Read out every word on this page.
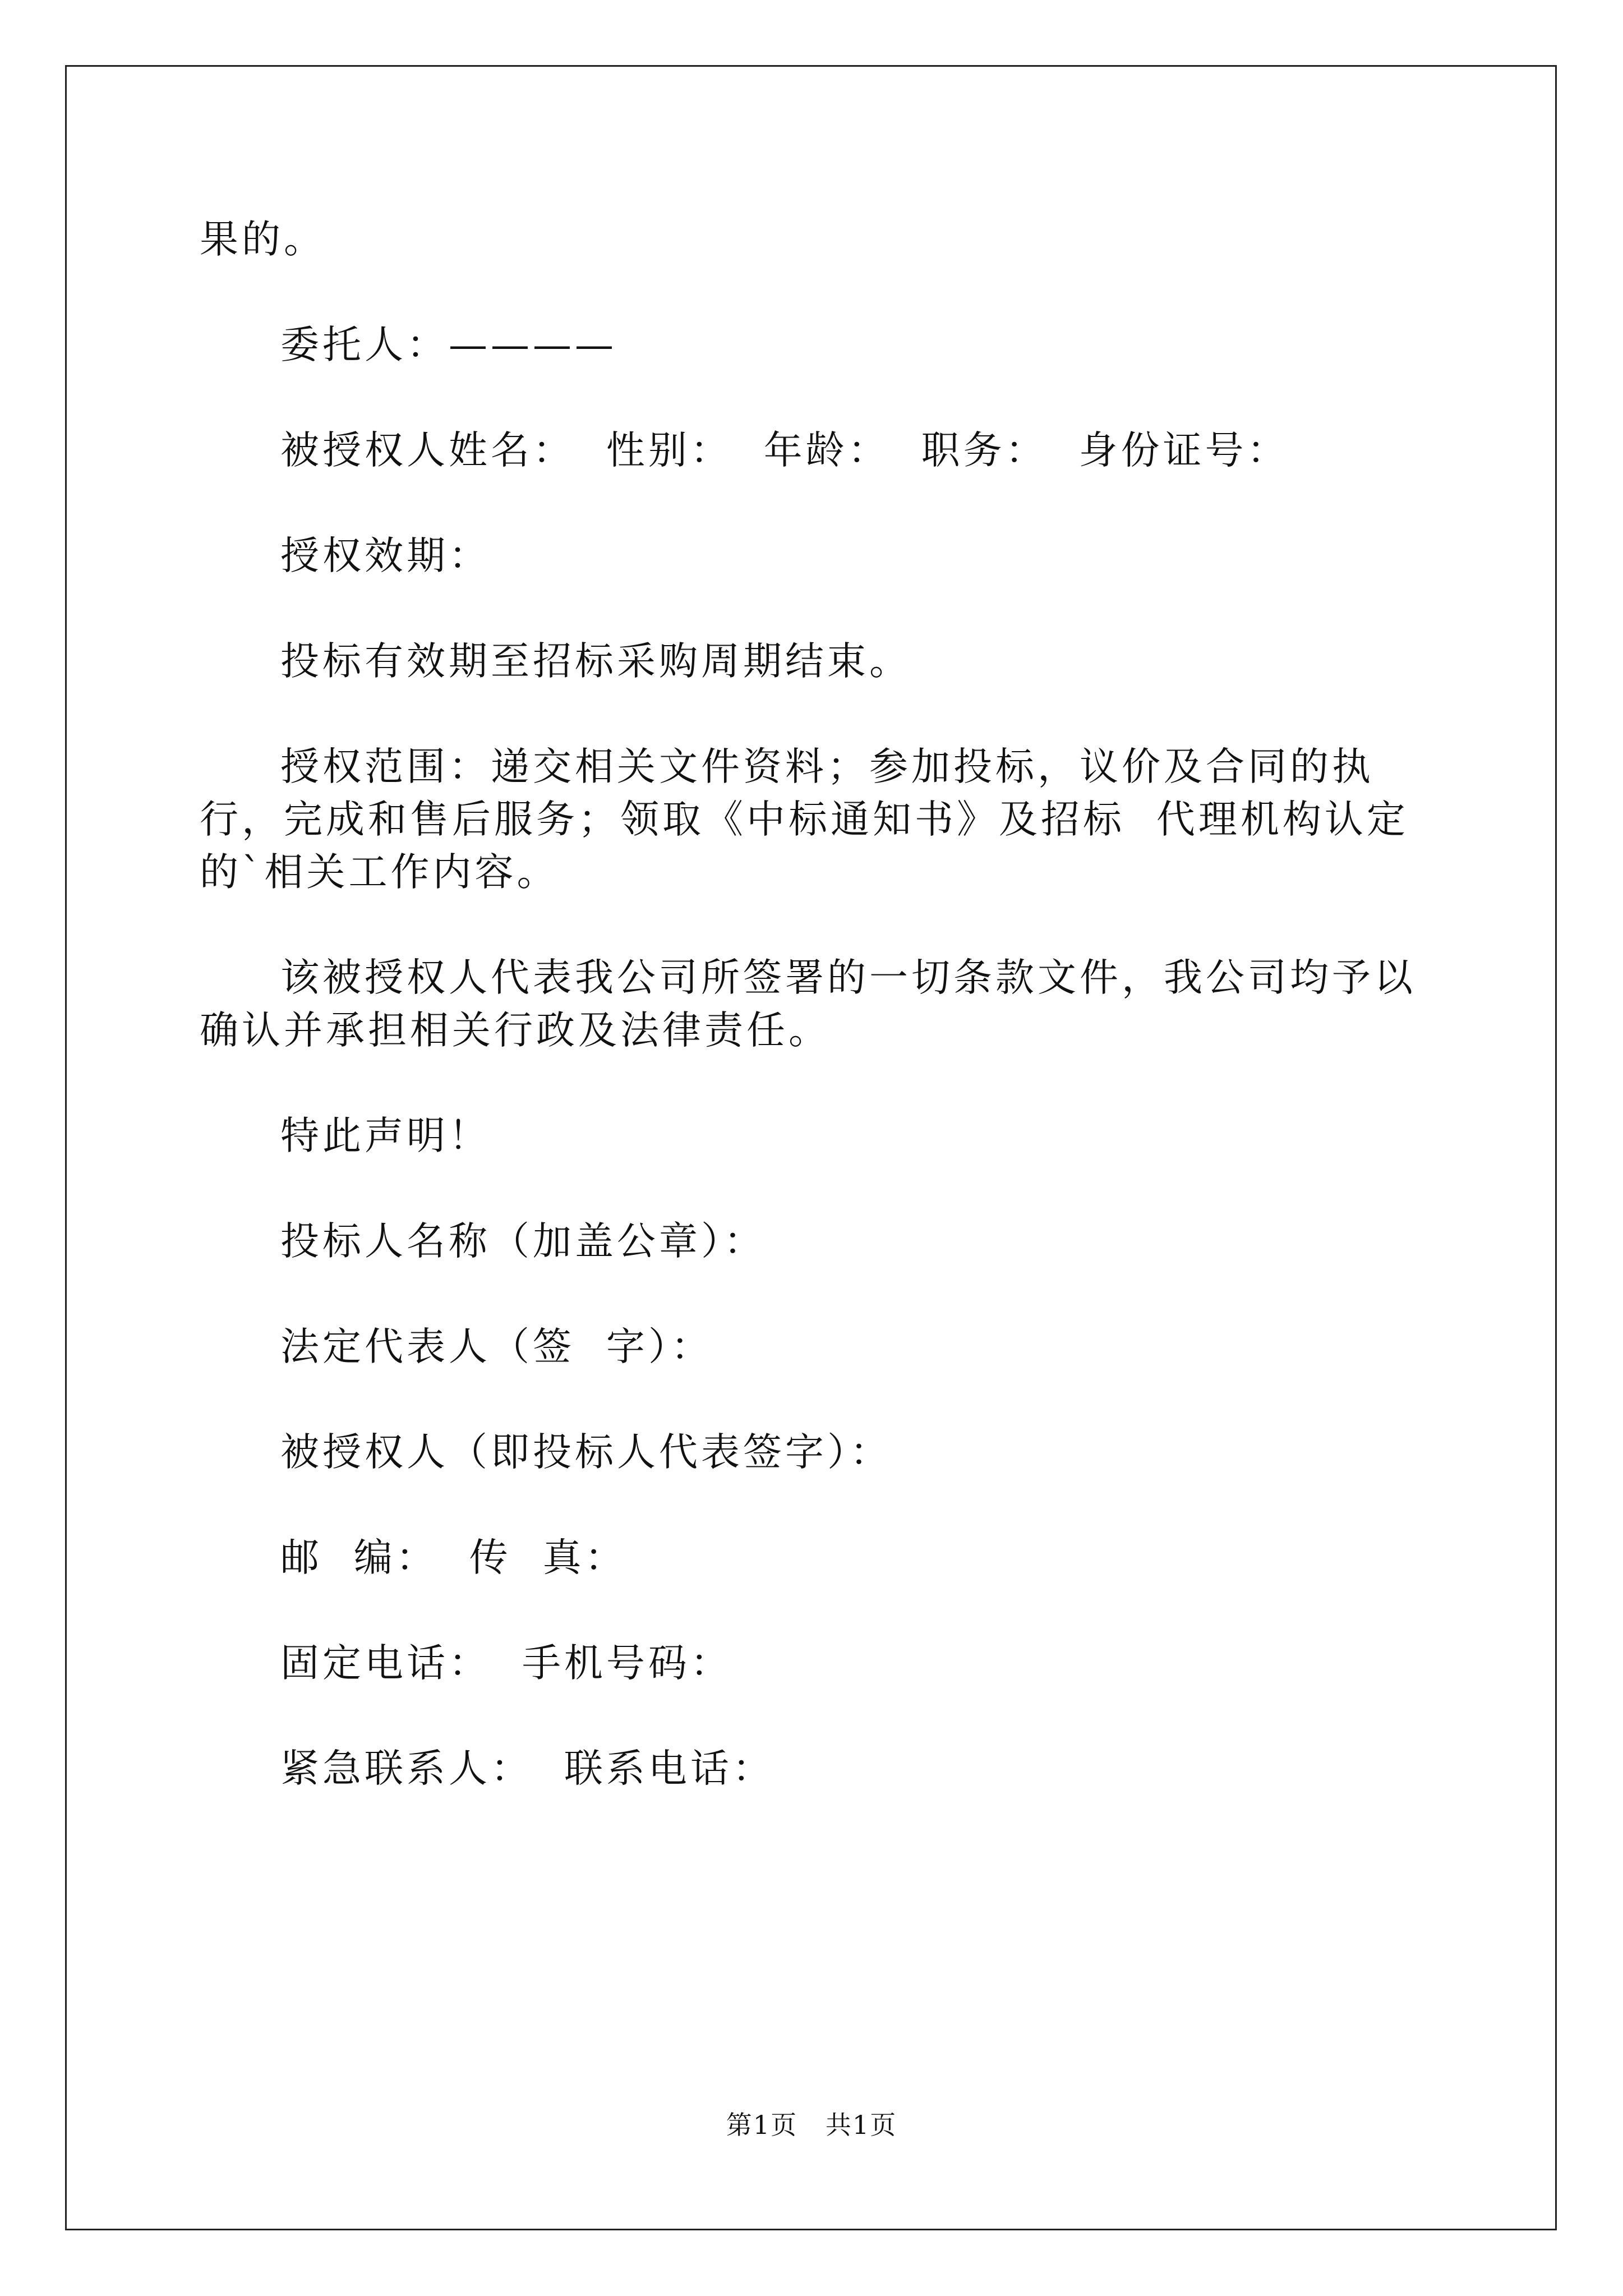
果的。

委托人：————

被授权人姓名：  性别：  年龄：  职务：  身份证号：

授权效期：

投标有效期至招标采购周期结束。

授权范围：递交相关文件资料；参加投标，议价及合同的执行，完成和售后服务；领取《中标通知书》及招标  代理机构认定的`相关工作内容。

该被授权人代表我公司所签署的一切条款文件，我公司均予以确认并承担相关行政及法律责任。

特此声明！

投标人名称（加盖公章）：

法定代表人（签  字）：

被授权人（即投标人代表签字）：

邮  编：  传  真：

固定电话：  手机号码：

紧急联系人：  联系电话：

第1页   共1页
